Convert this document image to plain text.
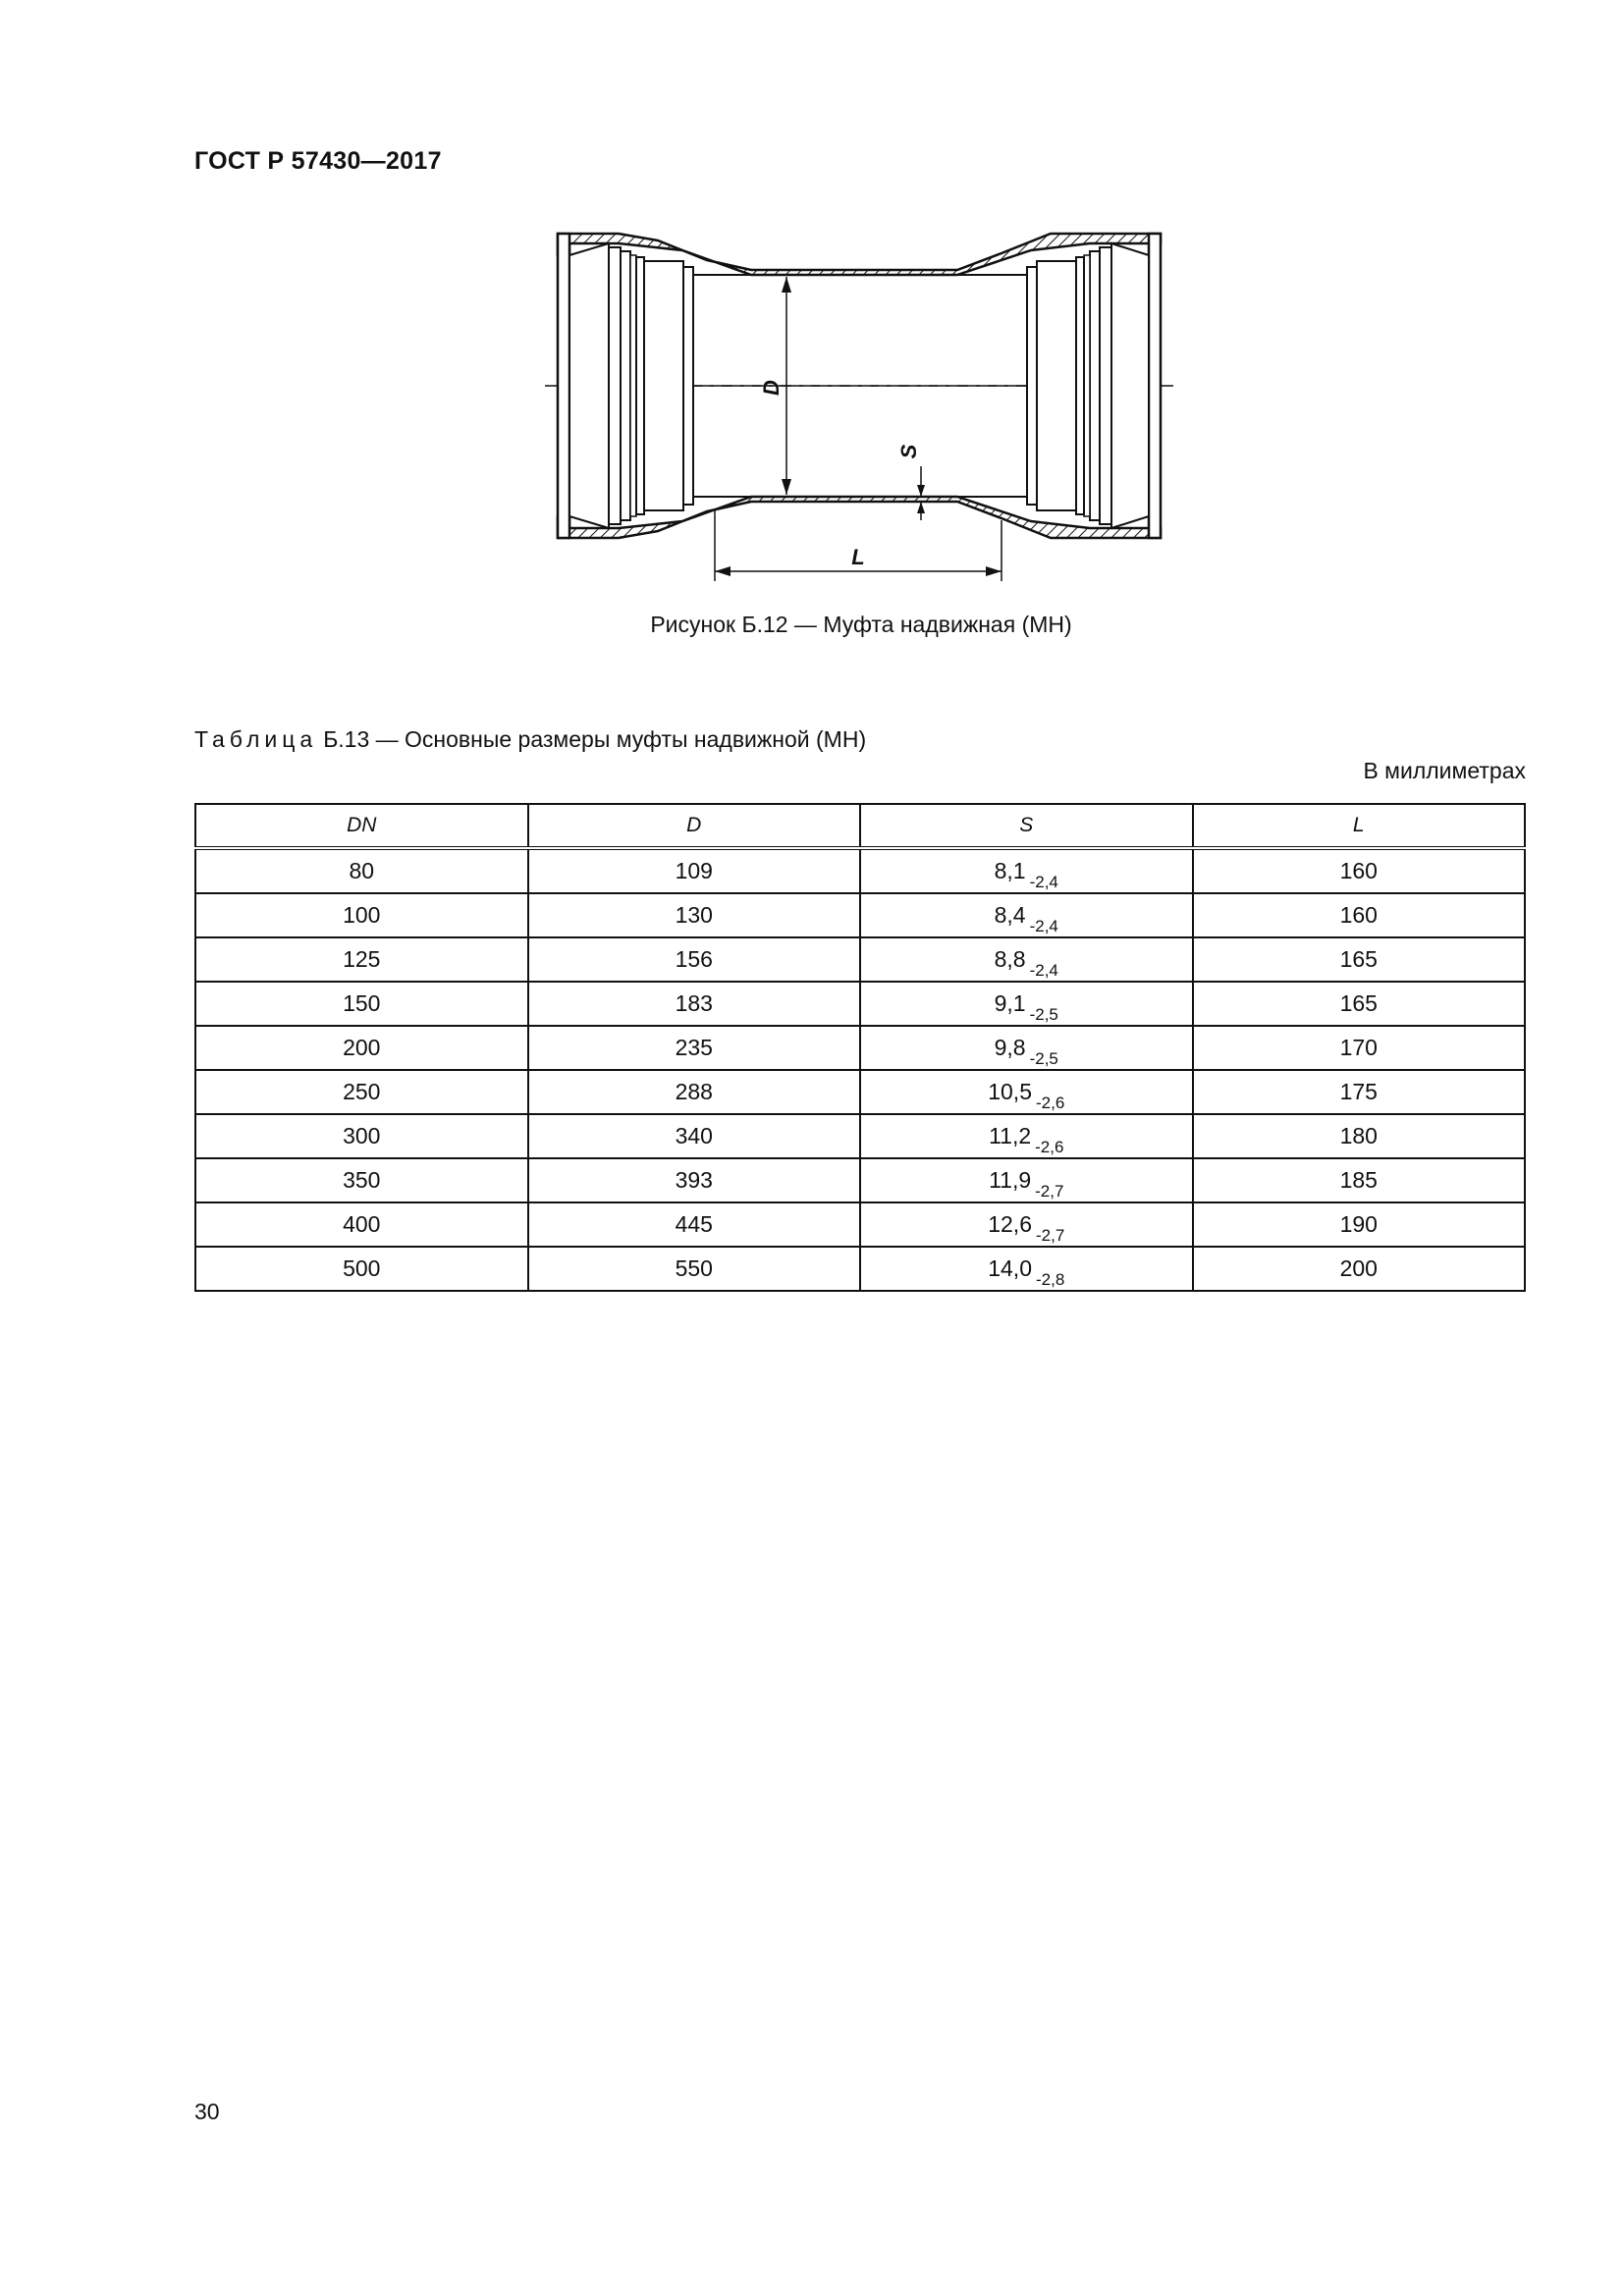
ГОСТ Р 57430—2017
D
S
L
Рисунок Б.12 — Муфта надвижная (МН)
Таблица Б.13 — Основные размеры муфты надвижной (МН)
В миллиметрах
DN	D	S	L
80	109	8,1 $_{-2,4}$	160
100	130	8,4 $_{-2,4}$	160
125	156	8,8 $_{-2,4}$	165
150	183	9,1 $_{-2,5}$	165
200	235	9,8 $_{-2,5}$	170
250	288	10,5 $_{-2,6}$	175
300	340	11,2 $_{-2,6}$	180
350	393	11,9 $_{-2,7}$	185
400	445	12,6 $_{-2,7}$	190
500	550	14,0 $_{-2,8}$	200
30
